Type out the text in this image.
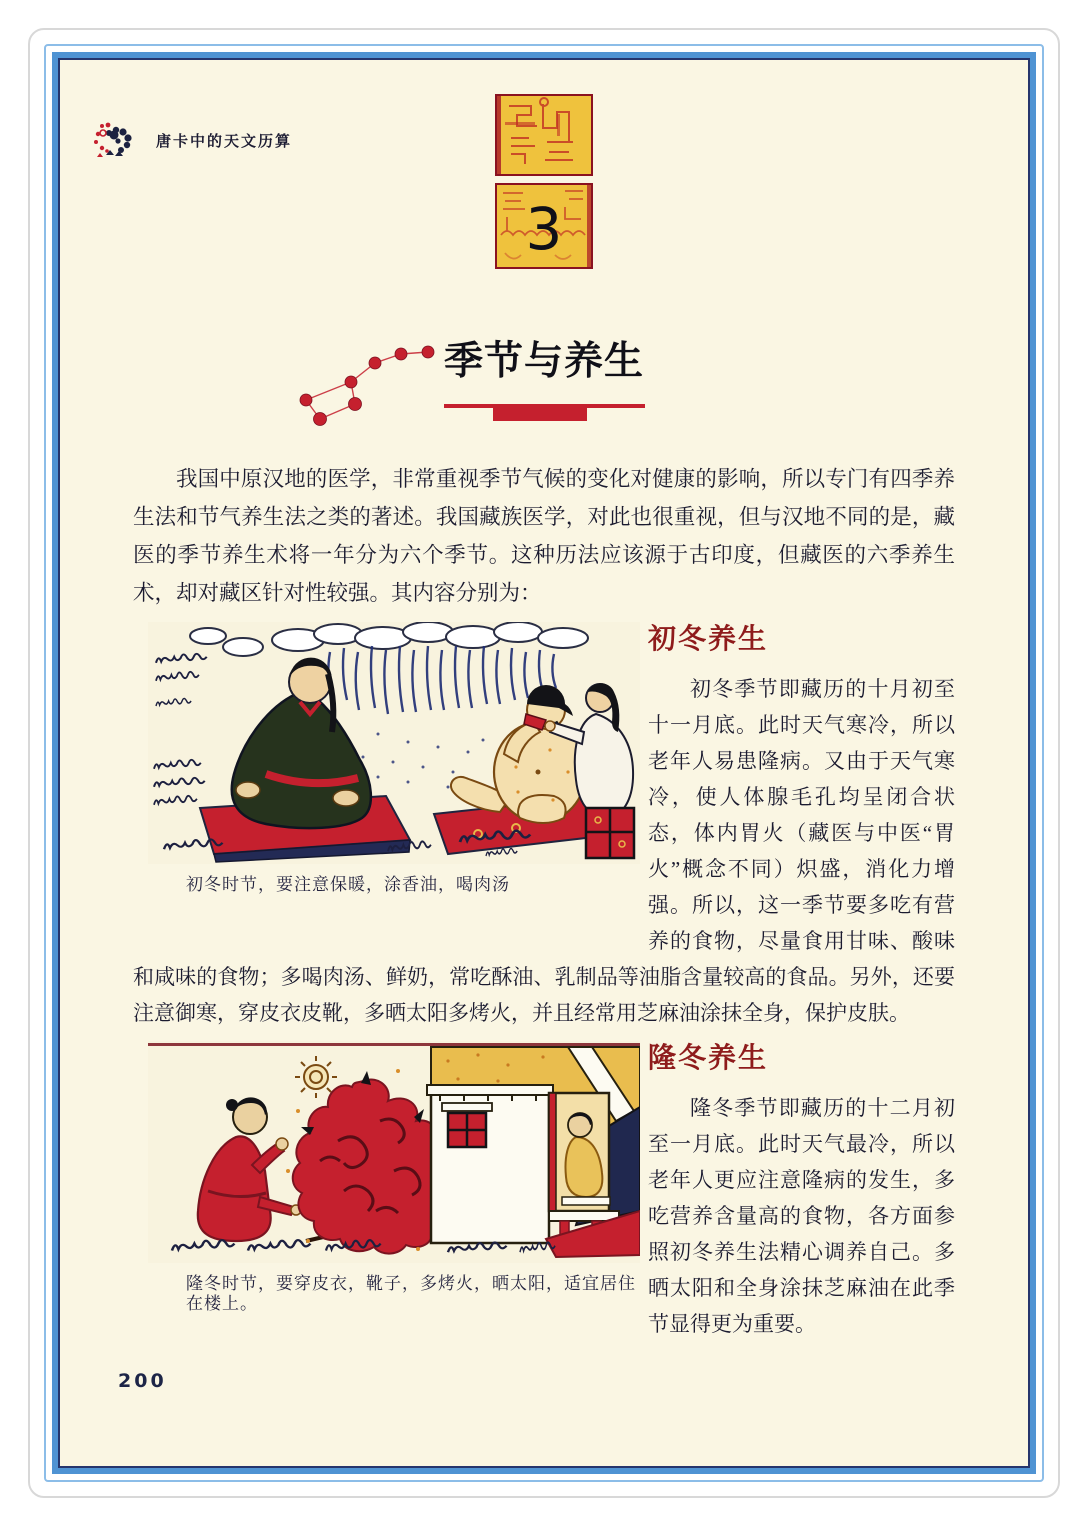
唐卡中的天文历算
3
季节与养生

我国中原汉地的医学，非常重视季节气候的变化对健康的影响，所以专门有四季养生法和节气养生法之类的著述。我国藏族医学，对此也很重视，但与汉地不同的是，藏医的季节养生术将一年分为六个季节。这种历法应该源于古印度，但藏医的六季养生术，却对藏区针对性较强。其内容分别为：

初冬时节，要注意保暖，涂香油，喝肉汤
初冬养生

初冬季节即藏历的十月初至十一月底。此时天气寒冷，所以老年人易患隆病。又由于天气寒冷，使人体腺毛孔均呈闭合状态，体内胃火（藏医与中医“胃火”概念不同）炽盛，消化力增强。所以，这一季节要多吃有营养的食物，尽量食用甘味、酸味和咸味的食物；多喝肉汤、鲜奶，常吃酥油、乳制品等油脂含量较高的食品。另外，还要注意御寒，穿皮衣皮靴，多晒太阳多烤火，并且经常用芝麻油涂抹全身，保护皮肤。

隆冬时节，要穿皮衣，靴子，多烤火，晒太阳，适宜居住在楼上。
隆冬养生

隆冬季节即藏历的十二月初至一月底。此时天气最冷，所以老年人更应注意隆病的发生，多吃营养含量高的食物，各方面参照初冬养生法精心调养自己。多晒太阳和全身涂抹芝麻油在此季节显得更为重要。

200
